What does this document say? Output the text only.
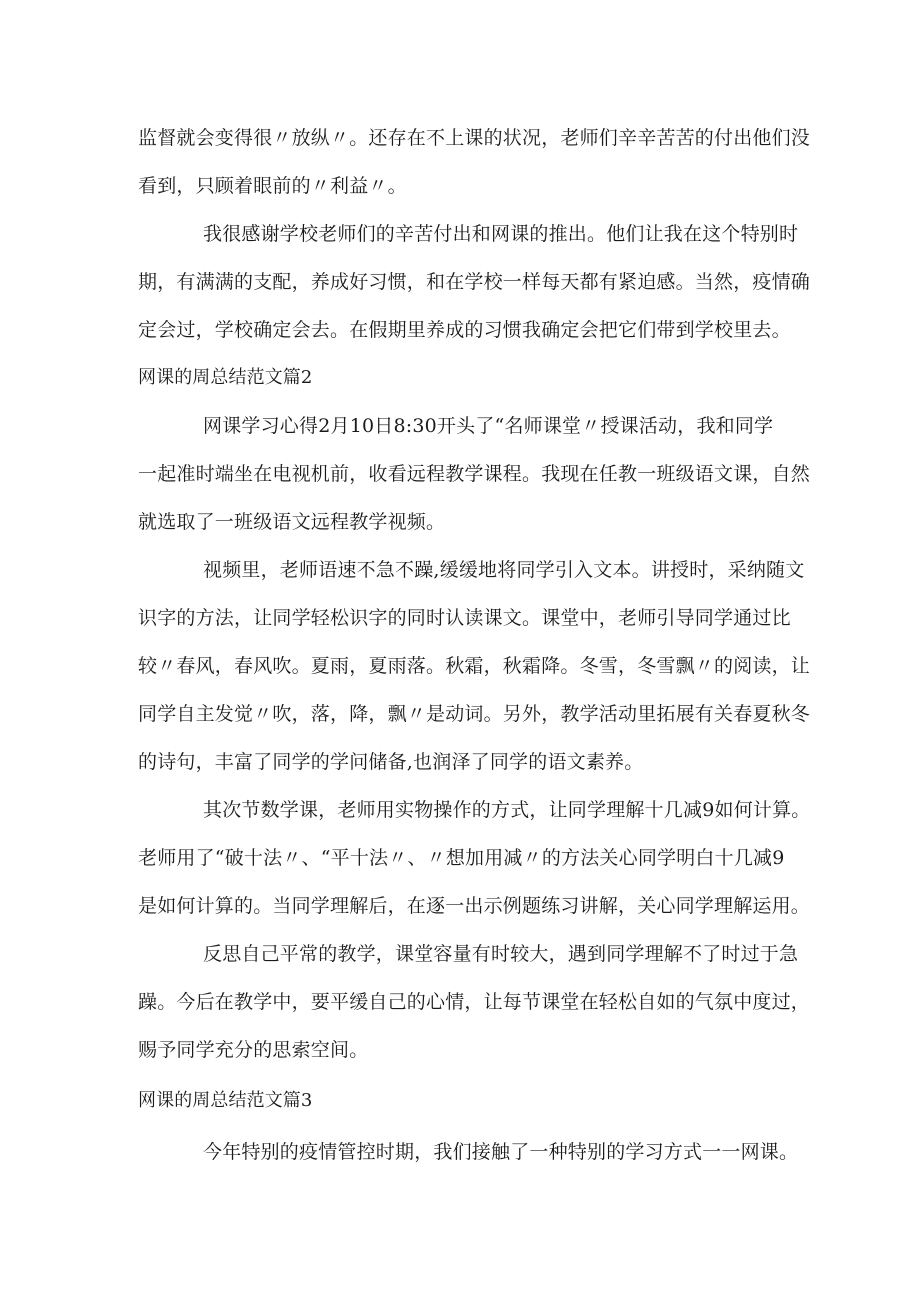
监督就会变得很〃放纵〃。还存在不上课的状况，老师们辛辛苦苦的付出他们没
看到，只顾着眼前的〃利益〃。
我很感谢学校老师们的辛苦付出和网课的推出。他们让我在这个特别时
期，有满满的支配，养成好习惯，和在学校一样每天都有紧迫感。当然，疫情确
定会过，学校确定会去。在假期里养成的习惯我确定会把它们带到学校里去。
网课的周总结范文篇2
网课学习心得2月10日8:30开头了“名师课堂〃授课活动，我和同学
一起准时端坐在电视机前，收看远程教学课程。我现在任教一班级语文课，自然
就选取了一班级语文远程教学视频。
视频里，老师语速不急不躁,缓缓地将同学引入文本。讲授时，采纳随文
识字的方法，让同学轻松识字的同时认读课文。课堂中，老师引导同学通过比
较〃春风，春风吹。夏雨，夏雨落。秋霜，秋霜降。冬雪，冬雪飘〃的阅读，让
同学自主发觉〃吹，落，降，飘〃是动词。另外，教学活动里拓展有关春夏秋冬
的诗句，丰富了同学的学问储备,也润泽了同学的语文素养。
其次节数学课，老师用实物操作的方式，让同学理解十几减9如何计算。
老师用了“破十法〃、“平十法〃、〃想加用减〃的方法关心同学明白十几减9
是如何计算的。当同学理解后，在逐一出示例题练习讲解，关心同学理解运用。
反思自己平常的教学，课堂容量有时较大，遇到同学理解不了时过于急
躁。今后在教学中，要平缓自己的心情，让每节课堂在轻松自如的气氛中度过，
赐予同学充分的思索空间。
网课的周总结范文篇3
今年特别的疫情管控时期，我们接触了一种特别的学习方式一一网课。
